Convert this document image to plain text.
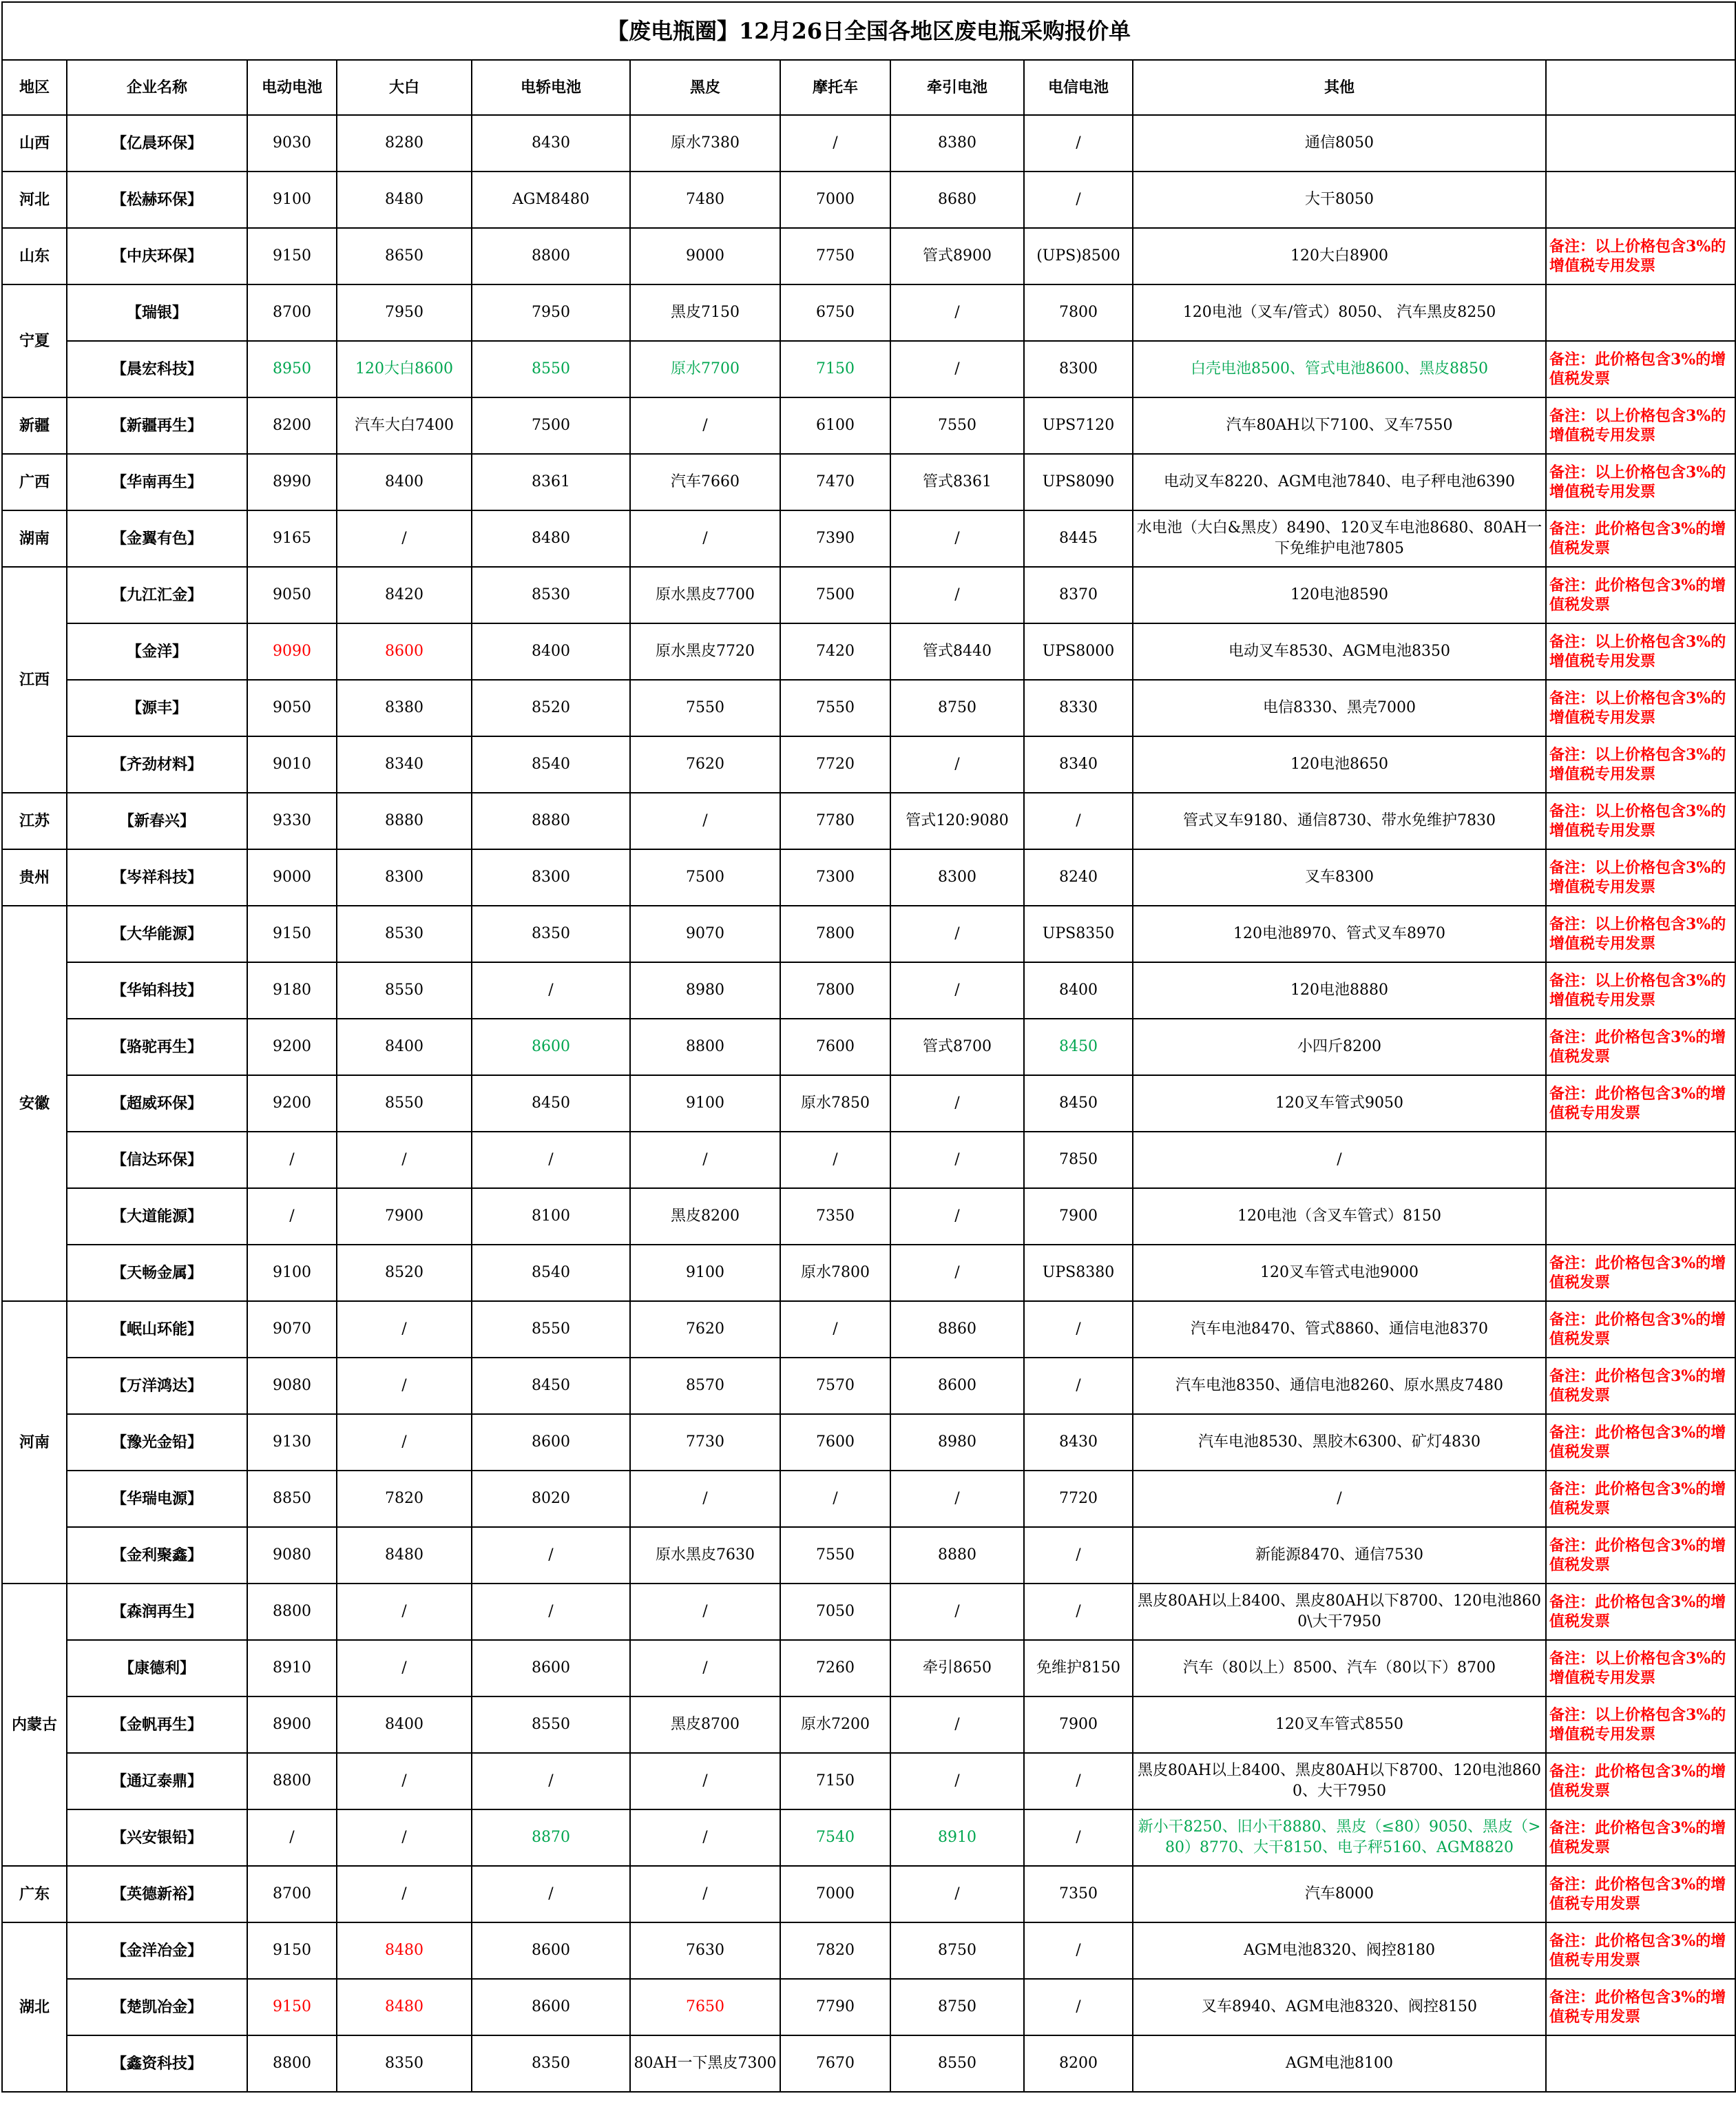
【废电瓶圈】12月26日全国各地区废电瓶采购报价单										
地区	企业名称	电动电池	大白	电轿电池	黑皮	摩托车	牵引电池	电信电池	其他	
山西	【亿晨环保】	9030	8280	8430	原水7380	/	8380	/	通信8050	
河北	【松赫环保】	9100	8480	AGM8480	7480	7000	8680	/	大干8050	
山东	【中庆环保】	9150	8650	8800	9000	7750	管式8900	(UPS)8500	120大白8900	备注：以上价格包含3%的增值税专用发票
宁夏	【瑞银】	8700	7950	7950	黑皮7150	6750	/	7800	120电池（叉车/管式）8050、 汽车黑皮8250	
	【晨宏科技】	8950	120大白8600	8550	原水7700	7150	/	8300	白壳电池8500、管式电池8600、黑皮8850	备注：此价格包含3%的增值税发票
新疆	【新疆再生】	8200	汽车大白7400	7500	/	6100	7550	UPS7120	汽车80AH以下7100、叉车7550	备注：以上价格包含3%的增值税专用发票
广西	【华南再生】	8990	8400	8361	汽车7660	7470	管式8361	UPS8090	电动叉车8220、AGM电池7840、电子秤电池6390	备注：以上价格包含3%的增值税专用发票
湖南	【金翼有色】	9165	/	8480	/	7390	/	8445	水电池（大白&黑皮）8490、120叉车电池8680、80AH一下免维护电池7805	备注：此价格包含3%的增值税发票
江西	【九江汇金】	9050	8420	8530	原水黑皮7700	7500	/	8370	120电池8590	备注：此价格包含3%的增值税发票
	【金洋】	9090	8600	8400	原水黑皮7720	7420	管式8440	UPS8000	电动叉车8530、AGM电池8350	备注：以上价格包含3%的增值税专用发票
	【源丰】	9050	8380	8520	7550	7550	8750	8330	电信8330、黑壳7000	备注：以上价格包含3%的增值税专用发票
	【齐劲材料】	9010	8340	8540	7620	7720	/	8340	120电池8650	备注：以上价格包含3%的增值税专用发票
江苏	【新春兴】	9330	8880	8880	/	7780	管式120:9080	/	管式叉车9180、通信8730、带水免维护7830	备注：以上价格包含3%的增值税专用发票
贵州	【岑祥科技】	9000	8300	8300	7500	7300	8300	8240	叉车8300	备注：以上价格包含3%的增值税专用发票
安徽	【大华能源】	9150	8530	8350	9070	7800	/	UPS8350	120电池8970、管式叉车8970	备注：以上价格包含3%的增值税专用发票
	【华铂科技】	9180	8550	/	8980	7800	/	8400	120电池8880	备注：以上价格包含3%的增值税专用发票
	【骆驼再生】	9200	8400	8600	8800	7600	管式8700	8450	小四斤8200	备注：此价格包含3%的增值税发票
	【超威环保】	9200	8550	8450	9100	原水7850	/	8450	120叉车管式9050	备注：此价格包含3%的增值税专用发票
	【信达环保】	/	/	/	/	/	/	7850	/	
	【大道能源】	/	7900	8100	黑皮8200	7350	/	7900	120电池（含叉车管式）8150	
	【天畅金属】	9100	8520	8540	9100	原水7800	/	UPS8380	120叉车管式电池9000	备注：此价格包含3%的增值税发票
河南	【岷山环能】	9070	/	8550	7620	/	8860	/	汽车电池8470、管式8860、通信电池8370	备注：此价格包含3%的增值税发票
	【万洋鸿达】	9080	/	8450	8570	7570	8600	/	汽车电池8350、通信电池8260、原水黑皮7480	备注：此价格包含3%的增值税发票
	【豫光金铅】	9130	/	8600	7730	7600	8980	8430	汽车电池8530、黑胶木6300、矿灯4830	备注：此价格包含3%的增值税发票
	【华瑞电源】	8850	7820	8020	/	/	/	7720	/	备注：此价格包含3%的增值税发票
	【金利聚鑫】	9080	8480	/	原水黑皮7630	7550	8880	/	新能源8470、通信7530	备注：此价格包含3%的增值税发票
内蒙古	【森润再生】	8800	/	/	/	7050	/	/	黑皮80AH以上8400、黑皮80AH以下8700、120电池8600\大干7950	备注：此价格包含3%的增值税发票
	【康德利】	8910	/	8600	/	7260	牵引8650	免维护8150	汽车（80以上）8500、汽车（80以下）8700	备注：以上价格包含3%的增值税专用发票
	【金帆再生】	8900	8400	8550	黑皮8700	原水7200	/	7900	120叉车管式8550	备注：以上价格包含3%的增值税专用发票
	【通辽泰鼎】	8800	/	/	/	7150	/	/	黑皮80AH以上8400、黑皮80AH以下8700、120电池8600、大干7950	备注：此价格包含3%的增值税发票
	【兴安银铅】	/	/	8870	/	7540	8910	/	新小干8250、旧小干8880、黑皮（≤80）9050、黑皮（>80）8770、大干8150、电子秤5160、AGM8820	备注：此价格包含3%的增值税发票
广东	【英德新裕】	8700	/	/	/	7000	/	7350	汽车8000	备注：此价格包含3%的增值税专用发票
湖北	【金洋冶金】	9150	8480	8600	7630	7820	8750	/	AGM电池8320、阀控8180	备注：此价格包含3%的增值税专用发票
	【楚凯冶金】	9150	8480	8600	7650	7790	8750	/	叉车8940、AGM电池8320、阀控8150	备注：此价格包含3%的增值税专用发票
	【鑫资科技】	8800	8350	8350	80AH一下黑皮7300	7670	8550	8200	AGM电池8100	
